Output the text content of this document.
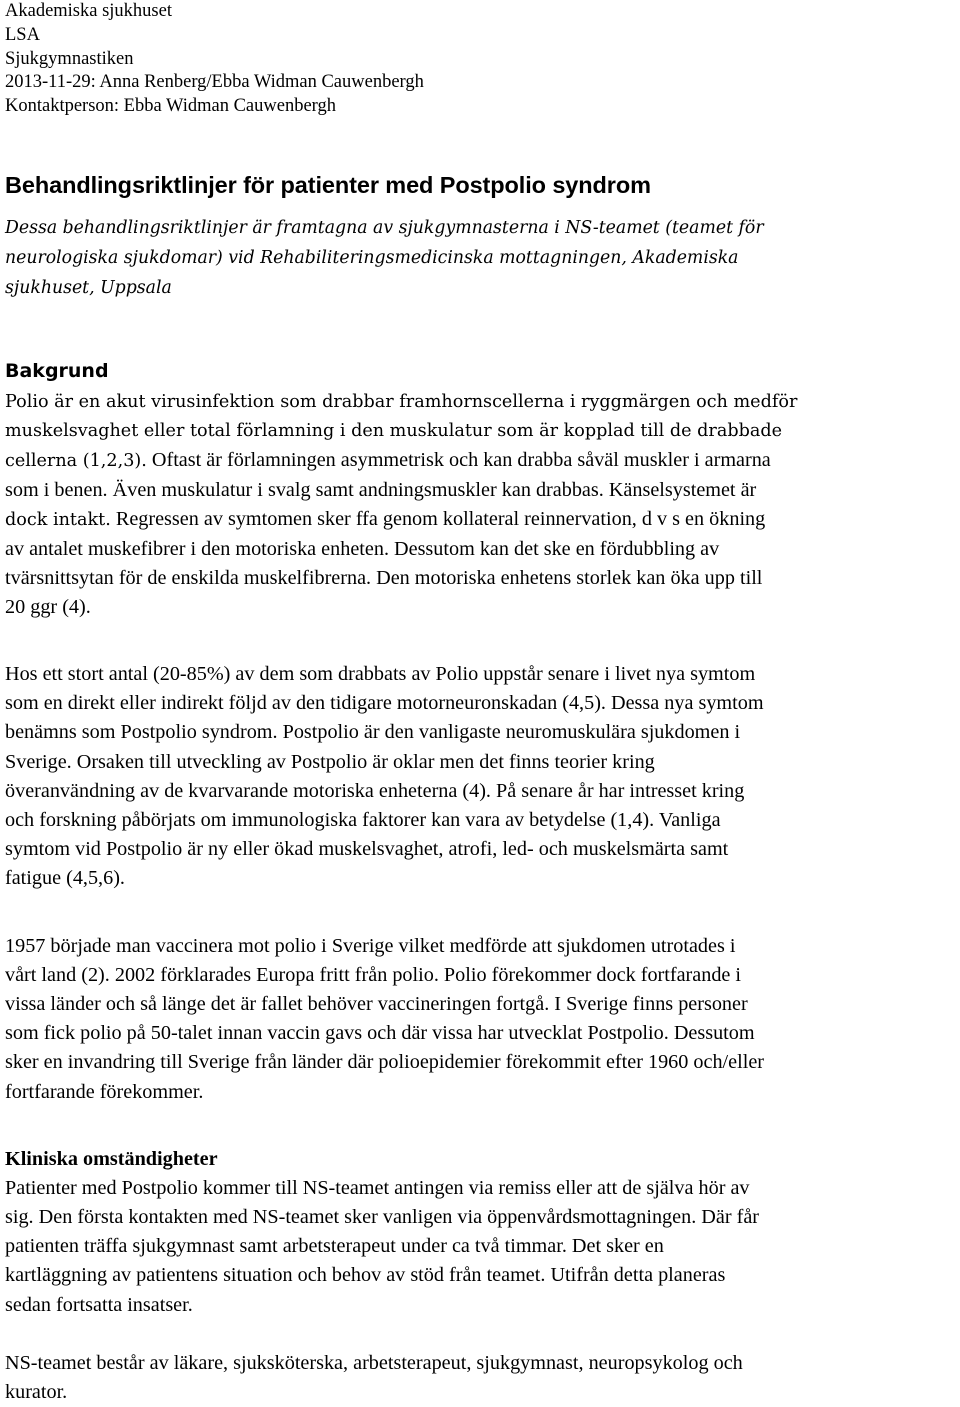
Akademiska sjukhuset
LSA
Sjukgymnastiken
2013-11-29: Anna Renberg/Ebba Widman Cauwenbergh
Kontaktperson: Ebba Widman Cauwenbergh
Behandlingsriktlinjer för patienter med Postpolio syndrom
Dessa behandlingsriktlinjer är framtagna av sjukgymnasterna i NS-teamet (teamet för
neurologiska sjukdomar) vid Rehabiliteringsmedicinska mottagningen, Akademiska
sjukhuset, Uppsala
Bakgrund
Polio är en akut virusinfektion som drabbar framhornscellerna i ryggmärgen och medför
muskelsvaghet eller total förlamning i den muskulatur som är kopplad till de drabbade
cellerna (1,2,3). Oftast är förlamningen asymmetrisk och kan drabba såväl muskler i armarna
som i benen. Även muskulatur i svalg samt andningsmuskler kan drabbas. Känselsystemet är
dock intakt. Regressen av symtomen sker ffa genom kollateral reinnervation, d v s en ökning
av antalet muskefibrer i den motoriska enheten. Dessutom kan det ske en fördubbling av
tvärsnittsytan för de enskilda muskelfibrerna. Den motoriska enhetens storlek kan öka upp till
20 ggr (4).
Hos ett stort antal (20-85%) av dem som drabbats av Polio uppstår senare i livet nya symtom
som en direkt eller indirekt följd av den tidigare motorneuronskadan (4,5). Dessa nya symtom
benämns som Postpolio syndrom. Postpolio är den vanligaste neuromuskulära sjukdomen i
Sverige. Orsaken till utveckling av Postpolio är oklar men det finns teorier kring
överanvändning av de kvarvarande motoriska enheterna (4). På senare år har intresset kring
och forskning påbörjats om immunologiska faktorer kan vara av betydelse (1,4). Vanliga
symtom vid Postpolio är ny eller ökad muskelsvaghet, atrofi, led- och muskelsmärta samt
fatigue (4,5,6).
1957 började man vaccinera mot polio i Sverige vilket medförde att sjukdomen utrotades i
vårt land (2). 2002 förklarades Europa fritt från polio. Polio förekommer dock fortfarande i
vissa länder och så länge det är fallet behöver vaccineringen fortgå. I Sverige finns personer
som fick polio på 50-talet innan vaccin gavs och där vissa har utvecklat Postpolio. Dessutom
sker en invandring till Sverige från länder där polioepidemier förekommit efter 1960 och/eller
fortfarande förekommer.
Kliniska omständigheter
Patienter med Postpolio kommer till NS-teamet antingen via remiss eller att de själva hör av
sig. Den första kontakten med NS-teamet sker vanligen via öppenvårdsmottagningen. Där får
patienten träffa sjukgymnast samt arbetsterapeut under ca två timmar. Det sker en
kartläggning av patientens situation och behov av stöd från teamet. Utifrån detta planeras
sedan fortsatta insatser.
NS-teamet består av läkare, sjuksköterska, arbetsterapeut, sjukgymnast, neuropsykolog och
kurator.
